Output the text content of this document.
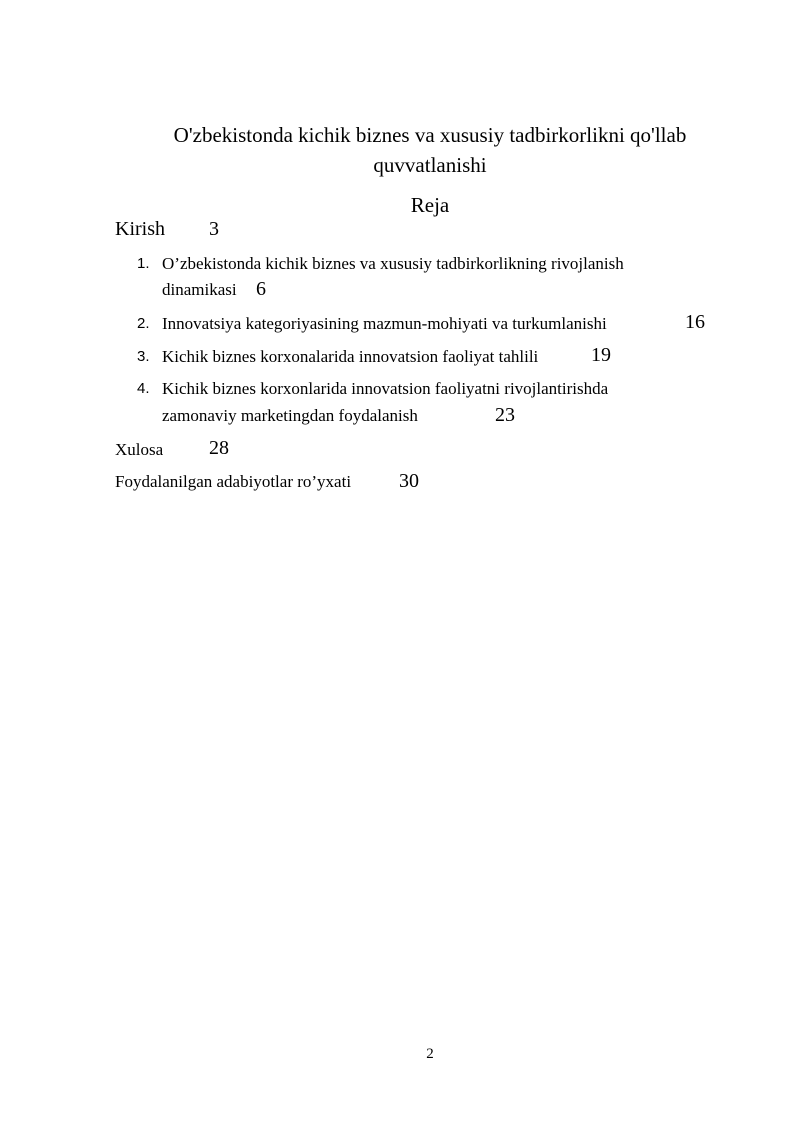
O'zbekistonda kichik biznes va xususiy tadbirkorlikni qo'llab
quvvatlanishi
Reja
Kirish 3
1. O’zbekistonda kichik biznes va xususiy tadbirkorlikning rivojlanish
dinamikasi 6
2. Innovatsiya kategoriyasining mazmun-mohiyati va turkumlanishi	16
3. Kichik biznes korxonalarida innovatsion faoliyat tahlili	19
4. Kichik biznes korxonlarida innovatsion faoliyatni rivojlantirishda
zamonaviy marketingdan foydalanish	23
Xulosa 28
Foydalanilgan adabiyotlar ro’yxati 30
2
